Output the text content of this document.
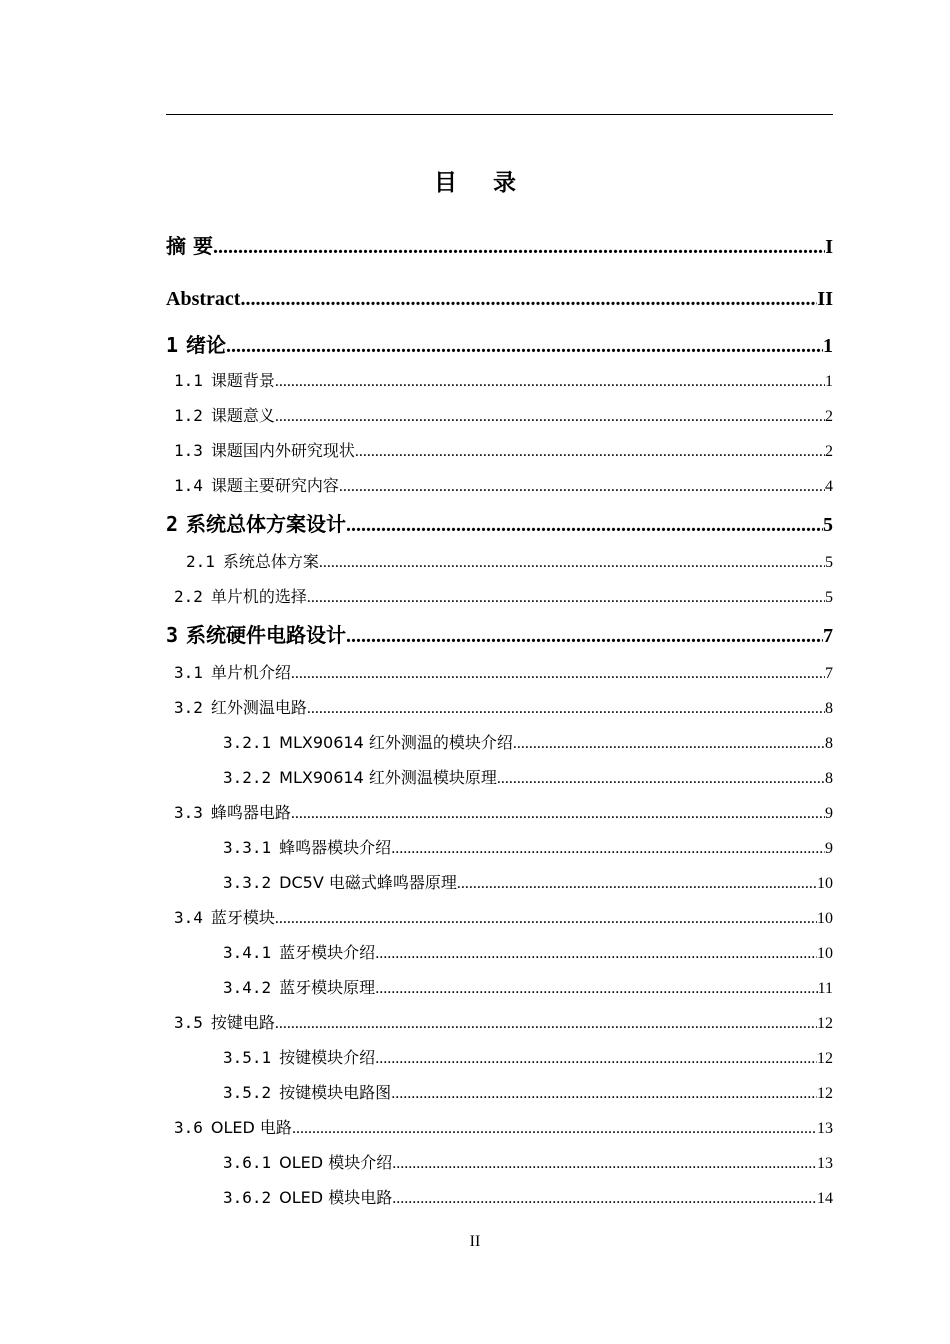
目 录
摘 要 .....	I
Abstract .....	II
1 绪论 .....	1
1.1 课题背景 .....	1
1.2 课题意义 .....	2
1.3 课题国内外研究现状 .....	2
1.4 课题主要研究内容 .....	4
2 系统总体方案设计 .....	5
2.1 系统总体方案 .....	5
2.2 单片机的选择 .....	5
3 系统硬件电路设计 .....	7
3.1 单片机介绍 .....	7
3.2 红外测温电路 .....	8
3.2.1 MLX90614 红外测温的模块介绍 .....	8
3.2.2 MLX90614 红外测温模块原理 .....	8
3.3 蜂鸣器电路 .....	9
3.3.1 蜂鸣器模块介绍 .....	9
3.3.2 DC5V 电磁式蜂鸣器原理 .....	10
3.4 蓝牙模块 .....	10
3.4.1 蓝牙模块介绍 .....	10
3.4.2 蓝牙模块原理 .....	11
3.5 按键电路 .....	12
3.5.1 按键模块介绍 .....	12
3.5.2 按键模块电路图 .....	12
3.6 OLED 电路 .....	13
3.6.1 OLED 模块介绍 .....	13
3.6.2 OLED 模块电路 .....	14
II
